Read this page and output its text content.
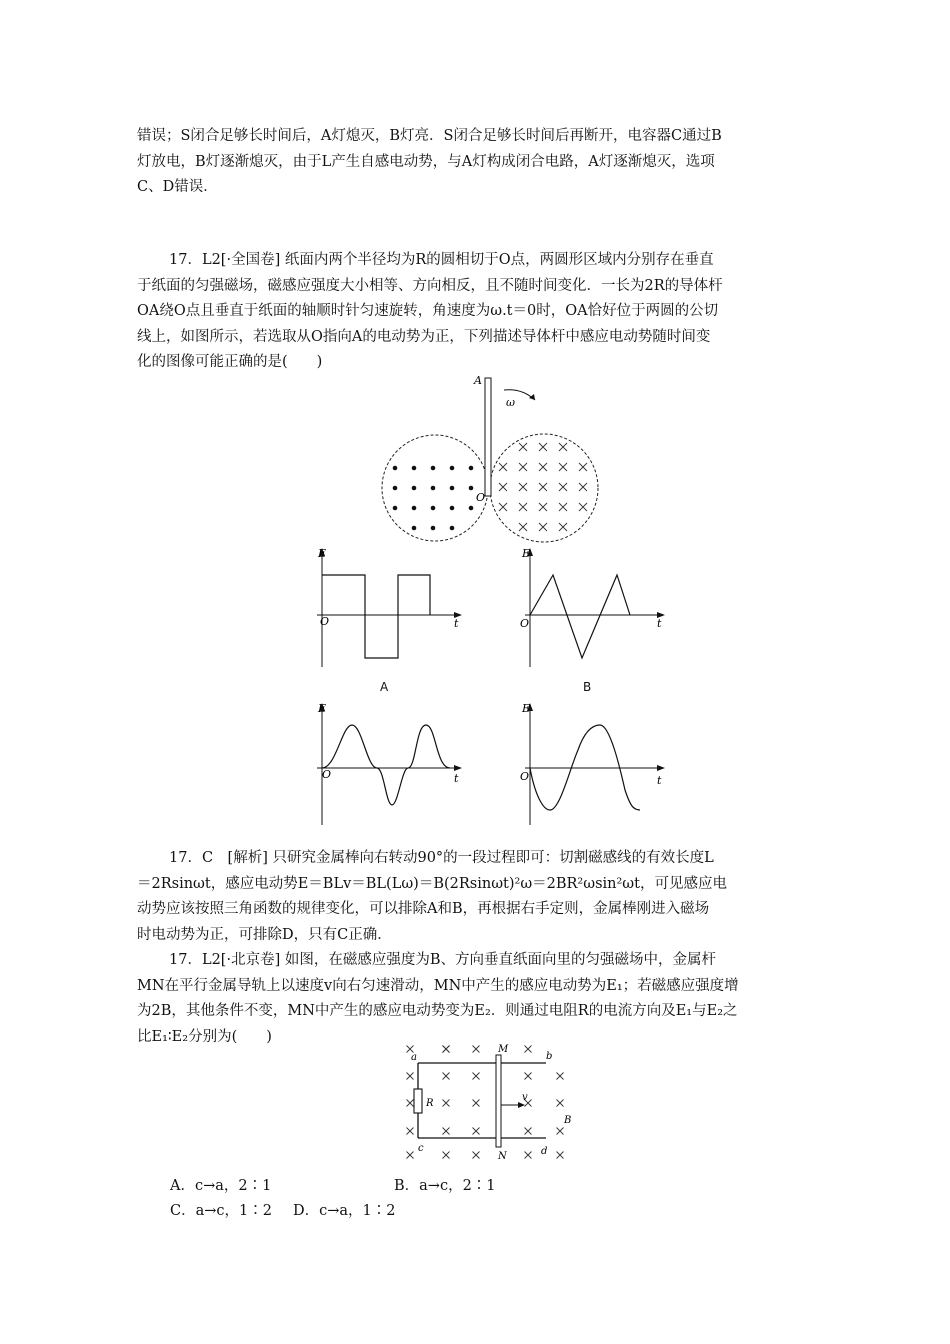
错误；S闭合足够长时间后，A灯熄灭，B灯亮．S闭合足够长时间后再断开，电容器C通过B
灯放电，B灯逐渐熄灭，由于L产生自感电动势，与A灯构成闭合电路，A灯逐渐熄灭，选项
C、D错误．
17．L2[·全国卷] 纸面内两个半径均为R的圆相切于O点，两圆形区域内分别存在垂直
于纸面的匀强磁场，磁感应强度大小相等、方向相反，且不随时间变化．一长为2R的导体杆
OA绕O点且垂直于纸面的轴顺时针匀速旋转，角速度为ω.t＝0时，OA恰好位于两圆的公切
线上，如图所示，若选取从O指向A的电动势为正，下列描述导体杆中感应电动势随时间变
化的图像可能正确的是(　　)
A
ω
O
E
O	t
A
E
O	t
B
E
O	t
E
O	t
17．C　[解析] 只研究金属棒向右转动90°的一段过程即可：切割磁感线的有效长度L
＝2Rsinωt，感应电动势E＝BLv＝BL(Lω)＝B(2Rsinωt)²ω＝2BR²ωsin²ωt，可见感应电
动势应该按照三角函数的规律变化，可以排除A和B，再根据右手定则，金属棒刚进入磁场
时电动势为正，可排除D，只有C正确．
17．L2[·北京卷] 如图，在磁感应强度为B、方向垂直纸面向里的匀强磁场中，金属杆
MN在平行金属导轨上以速度v向右匀速滑动，MN中产生的感应电动势为E₁；若磁感应强度增
为2B，其他条件不变，MN中产生的感应电动势变为E₂．则通过电阻R的电流方向及E₁与E₂之
比E₁∶E₂分别为(　　)
a	b
c	d
M
N
R
v
B
A．c→a，2∶1	B．a→c，2∶1
C．a→c，1∶2 D．c→a，1∶2
